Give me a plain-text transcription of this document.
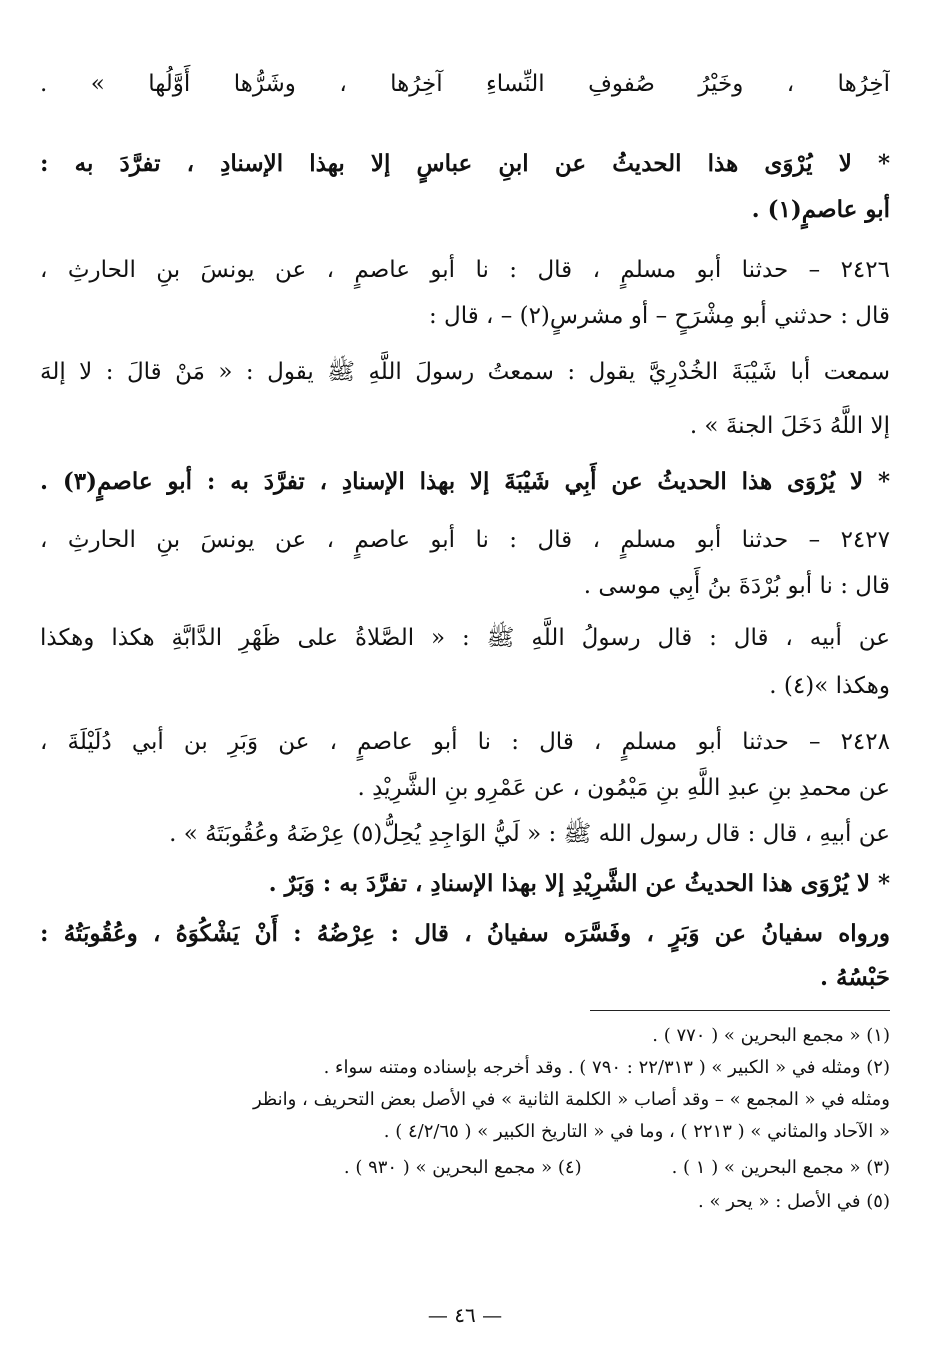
آخِرُها ، وخَيْرُ صُفوفِ النِّساءِ آخِرُها ، وشَرُّها أَوَّلُها » .
* لا يُرْوَى هذا الحديثُ عن ابنِ عباسٍ إلا بهذا الإسنادِ ، تفرَّدَ به :
أبو عاصمٍ(١) .
٢٤٢٦ – حدثنا أبو مسلمٍ ، قال : نا أبو عاصمٍ ، عن يونسَ بنِ الحارثِ ،
قال : حدثني أبو مِشْرَحٍ – أو مشرسٍ(٢) – ، قال :
سمعت أبا شَيْبَةَ الخُدْرِيَّ يقول : سمعتُ رسولَ اللَّهِ ﷺ يقول : « مَنْ قالَ : لا إلهَ
إلا اللَّهُ دَخَلَ الجنةَ » .
* لا يُرْوَى هذا الحديثُ عن أَبِي شَيْبَةَ إلا بهذا الإسنادِ ، تفرَّدَ به : أبو عاصمٍ(٣) .
٢٤٢٧ – حدثنا أبو مسلمٍ ، قال : نا أبو عاصمٍ ، عن يونسَ بنِ الحارثِ ،
قال : نا أبو بُرْدَةَ بنُ أَبِي موسى .
عن أبيه ، قال : قال رسولُ اللَّهِ ﷺ : « الصَّلاةُ على ظَهْرِ الدَّابَّةِ هكذا وهكذا
وهكذا »(٤) .
٢٤٢٨ – حدثنا أبو مسلمٍ ، قال : نا أبو عاصمٍ ، عن وَبَرِ بن أبي دُلَيْلَةَ ،
عن محمدِ بنِ عبدِ اللَّهِ بنِ مَيْمُون ، عن عَمْرِو بنِ الشَّرِيْدِ .
عن أبيهِ ، قال : قال رسول الله ﷺ : « لَيُّ الوَاجِدِ يُحِلُّ(٥) عِرْضَهُ وعُقُوبَتَهُ » .
* لا يُرْوَى هذا الحديثُ عن الشَّرِيْدِ إلا بهذا الإسنادِ ، تفرَّدَ به : وَبَرٌ .
ورواه سفيانُ عن وَبَرٍ ، وفَسَّرَه سفيانُ ، قال : عِرْضُهُ : أَنْ يَشْكُوَهُ ، وعُقُوبَتُهُ :
حَبْسُهُ .
(١) « مجمع البحرين » ( ٧٧٠ ) .
(٢) ومثله في « الكبير » ( ٢٢/٣١٣ : ٧٩٠ ) . وقد أخرجه بإسناده ومتنه سواء .
ومثله في « المجمع » – وقد أصاب « الكلمة الثانية » في الأصل بعض التحريف ، وانظر
« الآحاد والمثاني » ( ٢٢١٣ ) ، وما في « التاريخ الكبير » ( ٤/٢/٦٥ ) .
(٣) « مجمع البحرين » ( ١ ) .
(٤) « مجمع البحرين » ( ٩٣٠ ) .
(٥) في الأصل : « يحر » .
— ٤٦ —
